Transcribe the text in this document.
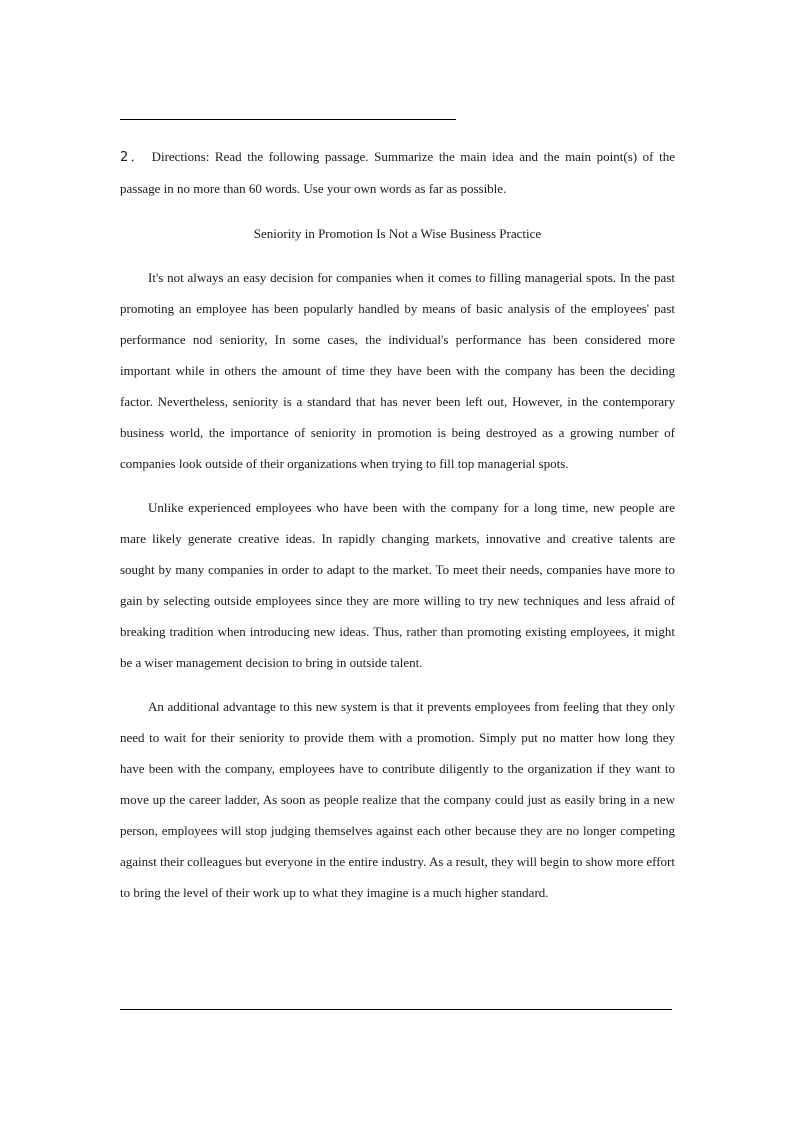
2． Directions: Read the following passage. Summarize the main idea and the main point(s) of the passage in no more than 60 words. Use your own words as far as possible.

Seniority in Promotion Is Not a Wise Business Practice

It's not always an easy decision for companies when it comes to filling managerial spots. In the past promoting an employee has been popularly handled by means of basic analysis of the employees' past performance nod seniority, In some cases, the individual's performance has been considered more important while in others the amount of time they have been with the company has been the deciding factor. Nevertheless, seniority is a standard that has never been left out, However, in the contemporary business world, the importance of seniority in promotion is being destroyed as a growing number of companies look outside of their organizations when trying to fill top managerial spots.

Unlike experienced employees who have been with the company for a long time, new people are mare likely generate creative ideas. In rapidly changing markets, innovative and creative talents are sought by many companies in order to adapt to the market. To meet their needs, companies have more to gain by selecting outside employees since they are more willing to try new techniques and less afraid of breaking tradition when introducing new ideas. Thus, rather than promoting existing employees, it might be a wiser management decision to bring in outside talent.

An additional advantage to this new system is that it prevents employees from feeling that they only need to wait for their seniority to provide them with a promotion. Simply put no matter how long they have been with the company, employees have to contribute diligently to the organization if they want to move up the career ladder, As soon as people realize that the company could just as easily bring in a new person, employees will stop judging themselves against each other because they are no longer competing against their colleagues but everyone in the entire industry. As a result, they will begin to show more effort to bring the level of their work up to what they imagine is a much higher standard.
